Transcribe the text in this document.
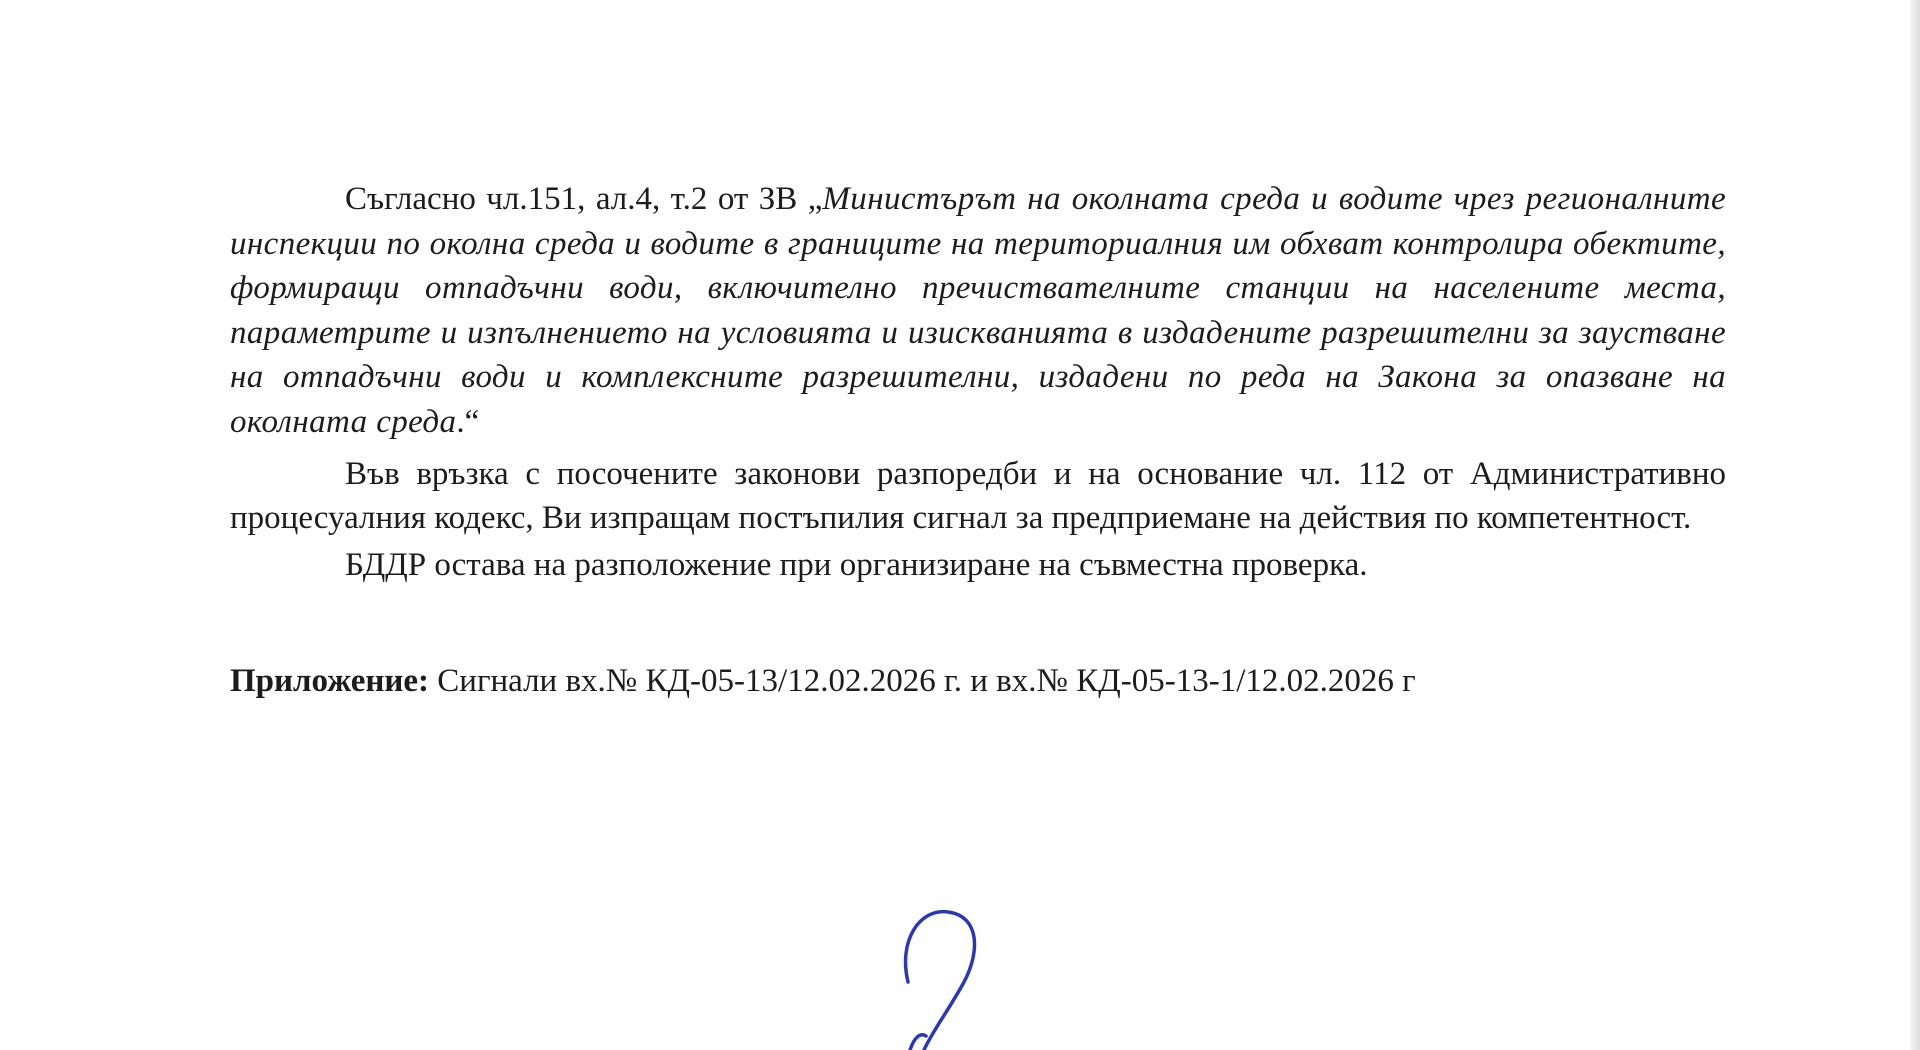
Съгласно чл.151, ал.4, т.2 от ЗВ „Министърът на околната среда и водите чрез регионалните инспекции по околна среда и водите в границите на териториалния им обхват контролира обектите, формиращи отпадъчни води, включително пречиствателните станции на населените места, параметрите и изпълнението на условията и изискванията в издадените разрешителни за заустване на отпадъчни води и комплексните разрешителни, издадени по реда на Закона за опазване на околната среда.“

Във връзка с посочените законови разпоредби и на основание чл. 112 от Административно процесуалния кодекс, Ви изпращам постъпилия сигнал за предприемане на действия по компетентност.

БДДР остава на разположение при организиране на съвместна проверка.

Приложение: Сигнали вх.№ КД-05-13/12.02.2026 г. и вх.№ КД-05-13-1/12.02.2026 г
